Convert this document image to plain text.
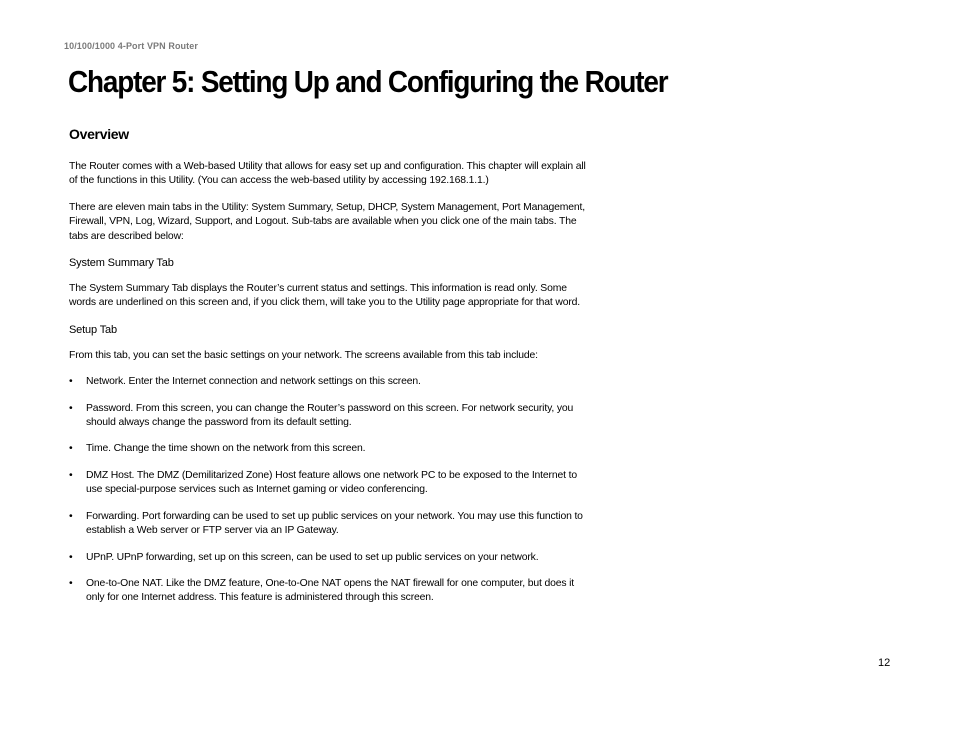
10/100/1000 4-Port VPN Router
Chapter 5: Setting Up and Configuring the Router
Overview

The Router comes with a Web-based Utility that allows for easy set up and configuration. This chapter will explain all of the functions in this Utility. (You can access the web-based utility by accessing 192.168.1.1.)

There are eleven main tabs in the Utility: System Summary, Setup, DHCP, System Management, Port Management, Firewall, VPN, Log, Wizard, Support, and Logout. Sub-tabs are available when you click one of the main tabs. The tabs are described below:

System Summary Tab

The System Summary Tab displays the Router’s current status and settings. This information is read only. Some words are underlined on this screen and, if you click them, will take you to the Utility page appropriate for that word.

Setup Tab

From this tab, you can set the basic settings on your network. The screens available from this tab include:

• Network. Enter the Internet connection and network settings on this screen.
• Password. From this screen, you can change the Router’s password on this screen. For network security, you should always change the password from its default setting.
• Time. Change the time shown on the network from this screen.
• DMZ Host. The DMZ (Demilitarized Zone) Host feature allows one network PC to be exposed to the Internet to use special-purpose services such as Internet gaming or video conferencing.
• Forwarding. Port forwarding can be used to set up public services on your network. You may use this function to establish a Web server or FTP server via an IP Gateway.
• UPnP. UPnP forwarding, set up on this screen, can be used to set up public services on your network.
• One-to-One NAT. Like the DMZ feature, One-to-One NAT opens the NAT firewall for one computer, but does it only for one Internet address. This feature is administered through this screen.
12
